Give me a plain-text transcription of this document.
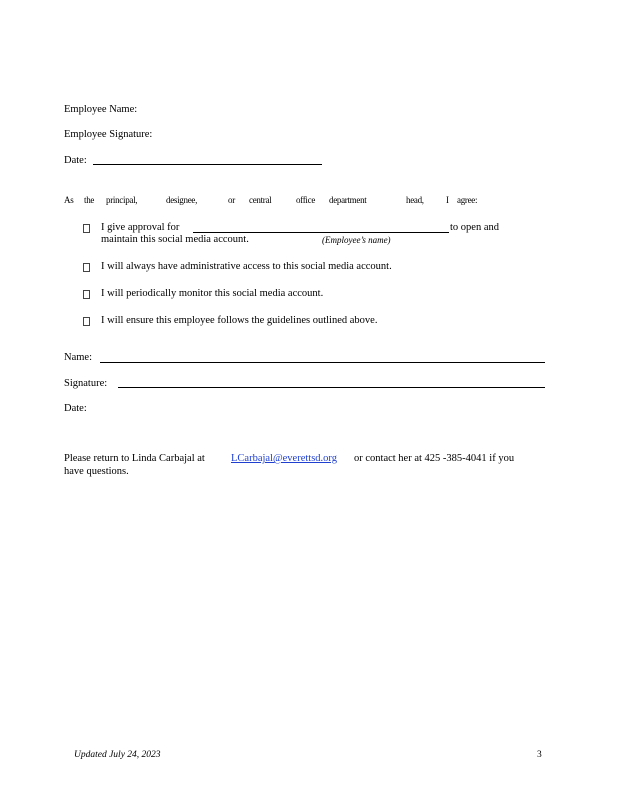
Employee Name:
Employee Signature:
Date:
As the principal,	designee,	or central	office department	head, I agree:
I give approval for	to open and
maintain this social media account.	(Employee’s name)
I will always have administrative access to this social media account.
I will periodically monitor this social media account.
I will ensure this employee follows the guidelines outlined above.
Name:
Signature:
Date:
Please return to Linda Carbajal at LCarbajal@everettsd.org or contact her at 425 -385-4041 if you
have questions.
Updated July 24, 2023	3
